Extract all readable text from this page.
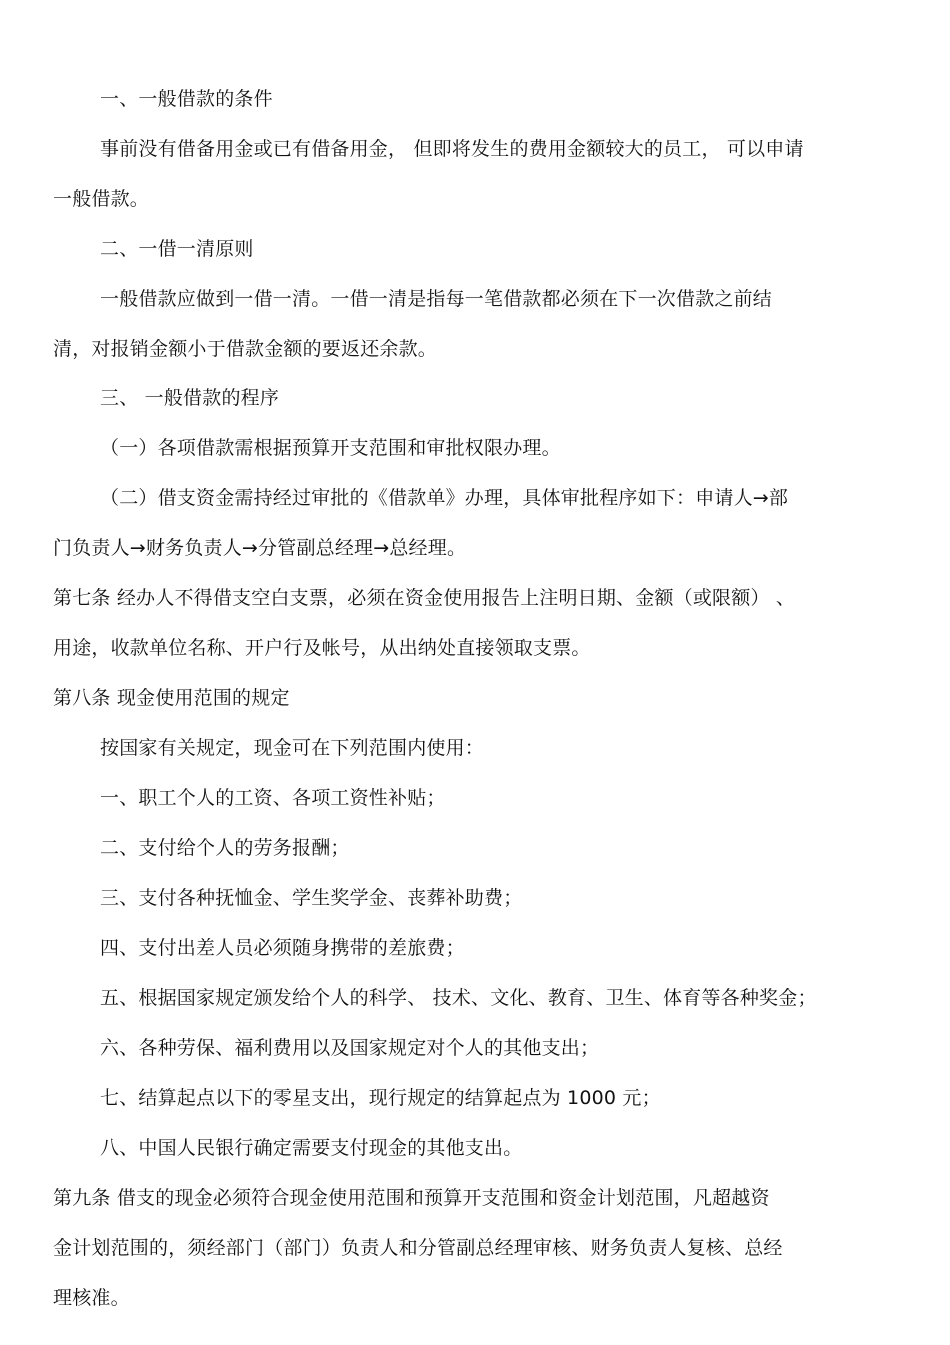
一、一般借款的条件
事前没有借备用金或已有借备用金， 但即将发生的费用金额较大的员工， 可以申请
一般借款。
二、一借一清原则
一般借款应做到一借一清。一借一清是指每一笔借款都必须在下一次借款之前结
清，对报销金额小于借款金额的要返还余款。
三、 一般借款的程序
（一）各项借款需根据预算开支范围和审批权限办理。
（二）借支资金需持经过审批的《借款单》办理，具体审批程序如下：申请人→部
门负责人→财务负责人→分管副总经理→总经理。
第七条 经办人不得借支空白支票，必须在资金使用报告上注明日期、金额（或限额） 、
用途，收款单位名称、开户行及帐号，从出纳处直接领取支票。
第八条 现金使用范围的规定
按国家有关规定，现金可在下列范围内使用：
一、职工个人的工资、各项工资性补贴；
二、支付给个人的劳务报酬；
三、支付各种抚恤金、学生奖学金、丧葬补助费；
四、支付出差人员必须随身携带的差旅费；
五、根据国家规定颁发给个人的科学、 技术、文化、教育、卫生、体育等各种奖金；
六、各种劳保、福利费用以及国家规定对个人的其他支出；
七、结算起点以下的零星支出，现行规定的结算起点为 1000 元；
八、中国人民银行确定需要支付现金的其他支出。
第九条 借支的现金必须符合现金使用范围和预算开支范围和资金计划范围，凡超越资
金计划范围的，须经部门（部门）负责人和分管副总经理审核、财务负责人复核、总经
理核准。
